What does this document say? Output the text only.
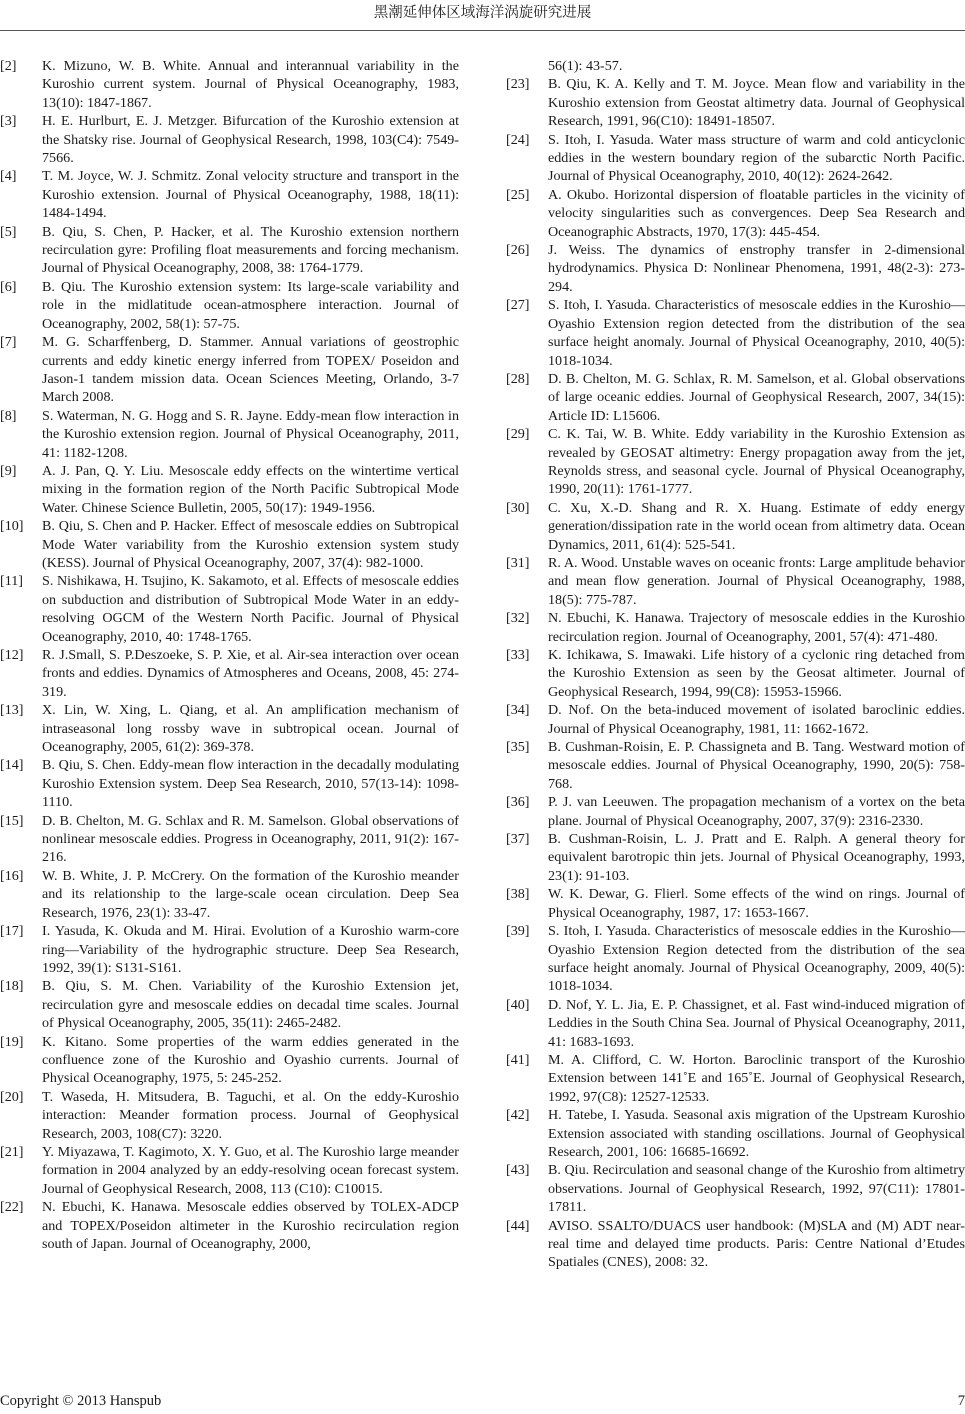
黑潮延伸体区域海洋涡旋研究进展
[2]	K. Mizuno, W. B. White. Annual and interannual variability in the Kuroshio current system. Journal of Physical Oceanography, 1983, 13(10): 1847-1867.
[3]	H. E. Hurlburt, E. J. Metzger. Bifurcation of the Kuroshio extension at the Shatsky rise. Journal of Geophysical Research, 1998, 103(C4): 7549-7566.
[4]	T. M. Joyce, W. J. Schmitz. Zonal velocity structure and transport in the Kuroshio extension. Journal of Physical Oceanography, 1988, 18(11): 1484-1494.
[5]	B. Qiu, S. Chen, P. Hacker, et al. The Kuroshio extension northern recirculation gyre: Profiling float measurements and forcing mechanism. Journal of Physical Oceanography, 2008, 38: 1764-1779.
[6]	B. Qiu. The Kuroshio extension system: Its large-scale variability and role in the midlatitude ocean-atmosphere interaction. Journal of Oceanography, 2002, 58(1): 57-75.
[7]	M. G. Scharffenberg, D. Stammer. Annual variations of geostrophic currents and eddy kinetic energy inferred from TOPEX/ Poseidon and Jason-1 tandem mission data. Ocean Sciences Meeting, Orlando, 3-7 March 2008.
[8]	S. Waterman, N. G. Hogg and S. R. Jayne. Eddy-mean flow interaction in the Kuroshio extension region. Journal of Physical Oceanography, 2011, 41: 1182-1208.
[9]	A. J. Pan, Q. Y. Liu. Mesoscale eddy effects on the wintertime vertical mixing in the formation region of the North Pacific Subtropical Mode Water. Chinese Science Bulletin, 2005, 50(17): 1949-1956.
[10]	B. Qiu, S. Chen and P. Hacker. Effect of mesoscale eddies on Subtropical Mode Water variability from the Kuroshio extension system study (KESS). Journal of Physical Oceanography, 2007, 37(4): 982-1000.
[11]	S. Nishikawa, H. Tsujino, K. Sakamoto, et al. Effects of mesoscale eddies on subduction and distribution of Subtropical Mode Water in an eddy-resolving OGCM of the Western North Pacific. Journal of Physical Oceanography, 2010, 40: 1748-1765.
[12]	R. J.Small, S. P.Deszoeke, S. P. Xie, et al. Air-sea interaction over ocean fronts and eddies. Dynamics of Atmospheres and Oceans, 2008, 45: 274-319.
[13]	X. Lin, W. Xing, L. Qiang, et al. An amplification mechanism of intraseasonal long rossby wave in subtropical ocean. Journal of Oceanography, 2005, 61(2): 369-378.
[14]	B. Qiu, S. Chen. Eddy-mean flow interaction in the decadally modulating Kuroshio Extension system. Deep Sea Research, 2010, 57(13-14): 1098-1110.
[15]	D. B. Chelton, M. G. Schlax and R. M. Samelson. Global observations of nonlinear mesoscale eddies. Progress in Oceanography, 2011, 91(2): 167-216.
[16]	W. B. White, J. P. McCrery. On the formation of the Kuroshio meander and its relationship to the large-scale ocean circulation. Deep Sea Research, 1976, 23(1): 33-47.
[17]	I. Yasuda, K. Okuda and M. Hirai. Evolution of a Kuroshio warm-core ring—Variability of the hydrographic structure. Deep Sea Research, 1992, 39(1): S131-S161.
[18]	B. Qiu, S. M. Chen. Variability of the Kuroshio Extension jet, recirculation gyre and mesoscale eddies on decadal time scales. Journal of Physical Oceanography, 2005, 35(11): 2465-2482.
[19]	K. Kitano. Some properties of the warm eddies generated in the confluence zone of the Kuroshio and Oyashio currents. Journal of Physical Oceanography, 1975, 5: 245-252.
[20]	T. Waseda, H. Mitsudera, B. Taguchi, et al. On the eddy-Kuroshio interaction: Meander formation process. Journal of Geophysical Research, 2003, 108(C7): 3220.
[21]	Y. Miyazawa, T. Kagimoto, X. Y. Guo, et al. The Kuroshio large meander formation in 2004 analyzed by an eddy-resolving ocean forecast system. Journal of Geophysical Research, 2008, 113 (C10): C10015.
[22]	N. Ebuchi, K. Hanawa. Mesoscale eddies observed by TOLEX-ADCP and TOPEX/Poseidon altimeter in the Kuroshio recirculation region south of Japan. Journal of Oceanography, 2000,
56(1): 43-57.
[23]	B. Qiu, K. A. Kelly and T. M. Joyce. Mean flow and variability in the Kuroshio extension from Geostat altimetry data. Journal of Geophysical Research, 1991, 96(C10): 18491-18507.
[24]	S. Itoh, I. Yasuda. Water mass structure of warm and cold anticyclonic eddies in the western boundary region of the subarctic North Pacific. Journal of Physical Oceanography, 2010, 40(12): 2624-2642.
[25]	A. Okubo. Horizontal dispersion of floatable particles in the vicinity of velocity singularities such as convergences. Deep Sea Research and Oceanographic Abstracts, 1970, 17(3): 445-454.
[26]	J. Weiss. The dynamics of enstrophy transfer in 2-dimensional hydrodynamics. Physica D: Nonlinear Phenomena, 1991, 48(2-3): 273-294.
[27]	S. Itoh, I. Yasuda. Characteristics of mesoscale eddies in the Kuroshio—Oyashio Extension region detected from the distribution of the sea surface height anomaly. Journal of Physical Oceanography, 2010, 40(5): 1018-1034.
[28]	D. B. Chelton, M. G. Schlax, R. M. Samelson, et al. Global observations of large oceanic eddies. Journal of Geophysical Research, 2007, 34(15): Article ID: L15606.
[29]	C. K. Tai, W. B. White. Eddy variability in the Kuroshio Extension as revealed by GEOSAT altimetry: Energy propagation away from the jet, Reynolds stress, and seasonal cycle. Journal of Physical Oceanography, 1990, 20(11): 1761-1777.
[30]	C. Xu, X.-D. Shang and R. X. Huang. Estimate of eddy energy generation/dissipation rate in the world ocean from altimetry data. Ocean Dynamics, 2011, 61(4): 525-541.
[31]	R. A. Wood. Unstable waves on oceanic fronts: Large amplitude behavior and mean flow generation. Journal of Physical Oceanography, 1988, 18(5): 775-787.
[32]	N. Ebuchi, K. Hanawa. Trajectory of mesoscale eddies in the Kuroshio recirculation region. Journal of Oceanography, 2001, 57(4): 471-480.
[33]	K. Ichikawa, S. Imawaki. Life history of a cyclonic ring detached from the Kuroshio Extension as seen by the Geosat altimeter. Journal of Geophysical Research, 1994, 99(C8): 15953-15966.
[34]	D. Nof. On the beta-induced movement of isolated baroclinic eddies. Journal of Physical Oceanography, 1981, 11: 1662-1672.
[35]	B. Cushman-Roisin, E. P. Chassigneta and B. Tang. Westward motion of mesoscale eddies. Journal of Physical Oceanography, 1990, 20(5): 758-768.
[36]	P. J. van Leeuwen. The propagation mechanism of a vortex on the beta plane. Journal of Physical Oceanography, 2007, 37(9): 2316-2330.
[37]	B. Cushman-Roisin, L. J. Pratt and E. Ralph. A general theory for equivalent barotropic thin jets. Journal of Physical Oceanography, 1993, 23(1): 91-103.
[38]	W. K. Dewar, G. Flierl. Some effects of the wind on rings. Journal of Physical Oceanography, 1987, 17: 1653-1667.
[39]	S. Itoh, I. Yasuda. Characteristics of mesoscale eddies in the Kuroshio—Oyashio Extension Region detected from the distribution of the sea surface height anomaly. Journal of Physical Oceanography, 2009, 40(5): 1018-1034.
[40]	D. Nof, Y. L. Jia, E. P. Chassignet, et al. Fast wind-induced migration of Leddies in the South China Sea. Journal of Physical Oceanography, 2011, 41: 1683-1693.
[41]	M. A. Clifford, C. W. Horton. Baroclinic transport of the Kuroshio Extension between 141˚E and 165˚E. Journal of Geophysical Research, 1992, 97(C8): 12527-12533.
[42]	H. Tatebe, I. Yasuda. Seasonal axis migration of the Upstream Kuroshio Extension associated with standing oscillations. Journal of Geophysical Research, 2001, 106: 16685-16692.
[43]	B. Qiu. Recirculation and seasonal change of the Kuroshio from altimetry observations. Journal of Geophysical Research, 1992, 97(C11): 17801-17811.
[44]	AVISO. SSALTO/DUACS user handbook: (M)SLA and (M) ADT near-real time and delayed time products. Paris: Centre National d’Etudes Spatiales (CNES), 2008: 32.
Copyright © 2013 Hanspub	7
